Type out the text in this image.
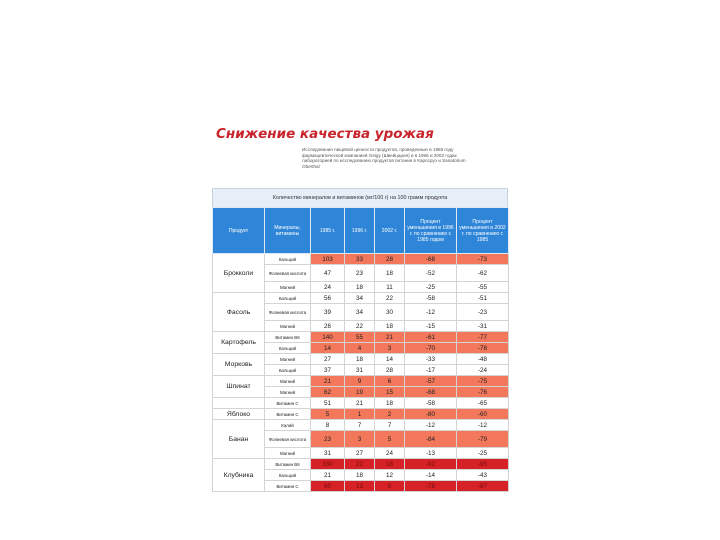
Снижение качества урожая
Исследования пищевой ценности продуктов, проведенные в 1985 году фармацевтической компанией Geigy (Швейцария) и в 1996 и 2002 годах лабораторией по исследованию продуктов питания в Карлсруэ и Sanatorium Oberthal
Количество минералов и витаминов (мг/100 г) на 100 грамм продукта
Продукт	Минералы, витамины	1985 г.	1996 г.	2002 г.	Процент уменьшения в 1996 г. по сравнению с 1985 годом	Процент уменьшения в 2002 г. по сравнению с 1985
Брокколи	Кальций	103	33	28	-68	-73
	Фолиевая кислота	47	23	18	-52	-62
	Магний	24	18	11	-25	-55
Фасоль	Кальций	56	34	22	-58	-51
	Фолиевая кислота	39	34	30	-12	-23
	Магний	26	22	18	-15	-31
Картофель	Витамин B6	140	55	21	-61	-77
	Кальций	14	4	3	-70	-78
Морковь	Магний	27	18	14	-33	-48
	Кальций	37	31	28	-17	-24
Шпинат	Магний	21	9	6	-57	-75
	Магний	62	19	15	-68	-76
	Витамин C	51	21	18	-58	-65
Яблоко	Витамин C	5	1	2	-80	-60
Банан	Калий	8	7	7	-12	-12
	Фолиевая кислота	23	3	5	-84	-79
	Магний	31	27	24	-13	-25
Клубника	Витамин B6	330	22	18	-92	-95
	Кальций	21	18	12	-14	-43
	Витамин C	60	13	8	-78	-87
